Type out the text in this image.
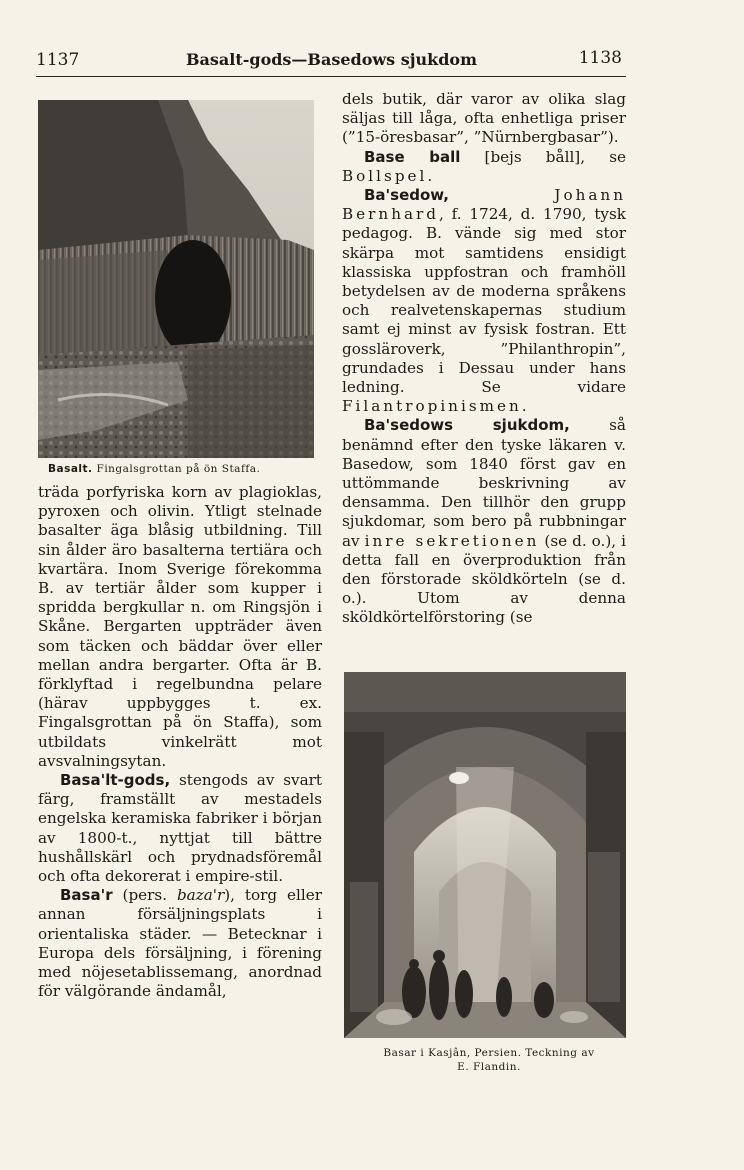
1137	Basalt-gods—Basedows sjukdom	1138
Basalt. Fingalsgrottan på ön Staffa.

träda porfyriska korn av plagioklas, pyroxen och olivin. Ytligt stelnade basalter äga blåsig utbildning. Till sin ålder äro basalterna tertiära och kvartära. Inom Sverige förekomma B. av tertiär ålder som kupper i spridda bergkullar n. om Ringsjön i Skåne. Bergarten uppträder även som täcken och bäddar över eller mellan andra bergarter. Ofta är B. förklyftad i regelbundna pelare (härav uppbygges t. ex. Fingalsgrottan på ön Staffa), som utbildats vinkelrätt mot avsvalningsytan.

Basa'lt-gods, stengods av svart färg, framställt av mestadels engelska keramiska fabriker i början av 1800-t., nyttjat till bättre hushållskärl och prydnadsföremål och ofta dekorerat i empire-stil.

Basa'r (pers. baza'r), torg eller annan försäljningsplats i orientaliska städer. — Betecknar i Europa dels försäljning, i förening med nöjesetablissemang, anordnad för välgörande ändamål,

dels butik, där varor av olika slag säljas till låga, ofta enhetliga priser (”15-öresbasar”, ”Nürnbergbasar”).

Base ball [bejs båll], se Bollspel.

Ba'sedow,	Johann Bernhard, f. 1724, d. 1790, tysk pedagog. B. vände sig med stor skärpa mot samtidens ensidigt klassiska uppfostran och framhöll betydelsen av de moderna språkens och realvetenskapernas studium samt ej minst av fysisk fostran. Ett gossläroverk, ”Philanthropin”, grundades i Dessau under hans ledning. Se vidare Filantropinismen.

Ba'sedows sjukdom, så benämnd efter den tyske läkaren v. Basedow, som 1840 först gav en uttömmande beskrivning av densamma. Den tillhör den grupp sjukdomar, som bero på rubbningar av inre sekretionen (se d. o.), i detta fall en överproduktion från den förstorade sköldkörteln (se d. o.). Utom av denna sköldkörtelförstoring (se

Basar i Kasjân, Persien. Teckning av
E. Flandin.
